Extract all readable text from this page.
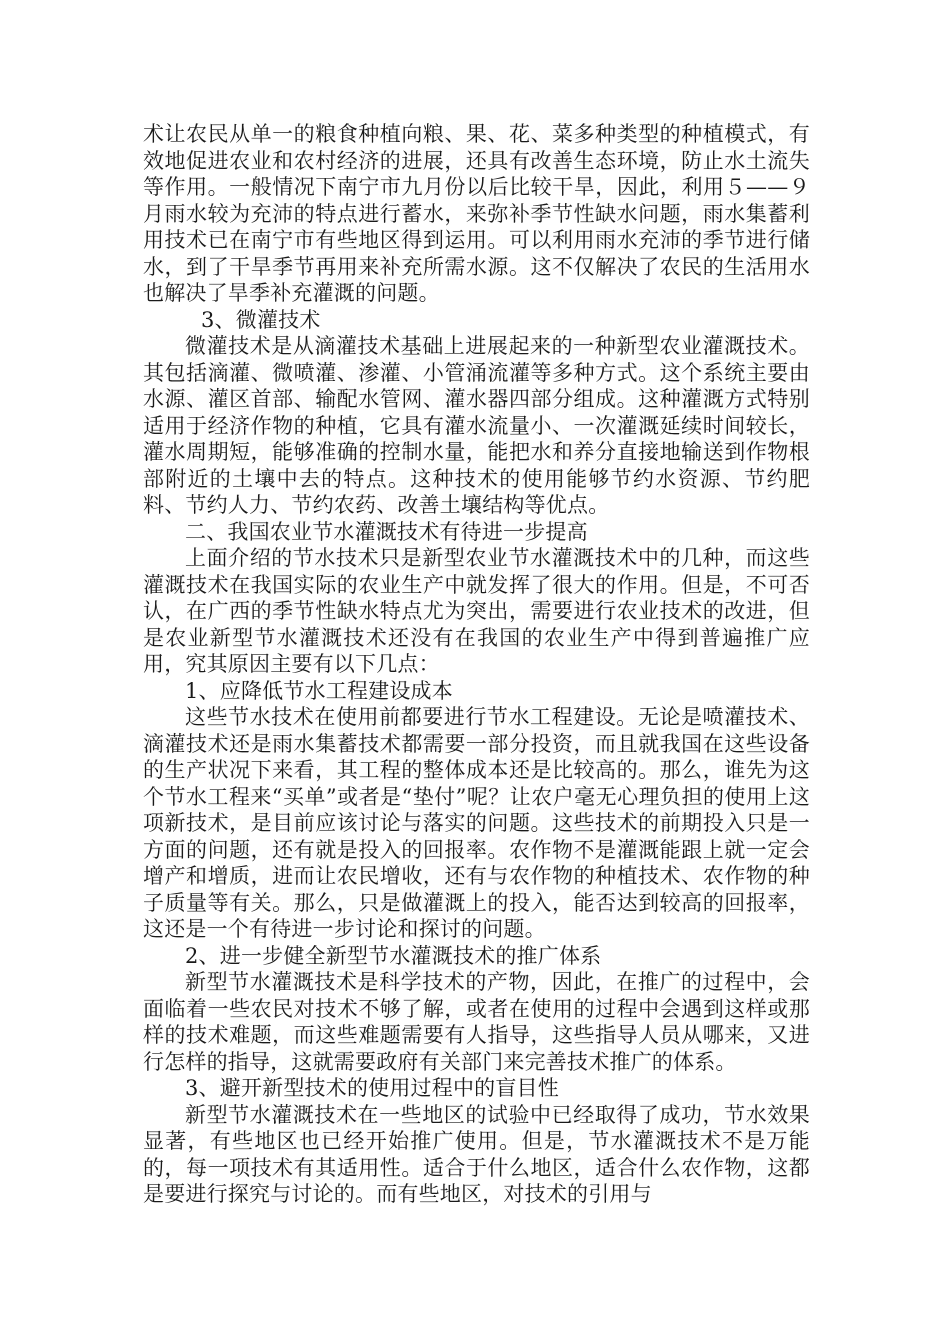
术让农民从单一的粮食种植向粮、果、花、菜多种类型的种植模式，有效地促进农业和农村经济的进展，还具有改善生态环境，防止水土流失等作用。一般情况下南宁市九月份以后比较干旱，因此，利用５——９月雨水较为充沛的特点进行蓄水，来弥补季节性缺水问题，雨水集蓄利用技术已在南宁市有些地区得到运用。可以利用雨水充沛的季节进行储水，到了干旱季节再用来补充所需水源。这不仅解决了农民的生活用水也解决了旱季补充灌溉的问题。

3、微灌技术

微灌技术是从滴灌技术基础上进展起来的一种新型农业灌溉技术。其包括滴灌、微喷灌、渗灌、小管涌流灌等多种方式。这个系统主要由水源、灌区首部、输配水管网、灌水器四部分组成。这种灌溉方式特别适用于经济作物的种植，它具有灌水流量小、一次灌溉延续时间较长，灌水周期短，能够准确的控制水量，能把水和养分直接地输送到作物根部附近的土壤中去的特点。这种技术的使用能够节约水资源、节约肥料、节约人力、节约农药、改善土壤结构等优点。

二、我国农业节水灌溉技术有待进一步提高

上面介绍的节水技术只是新型农业节水灌溉技术中的几种，而这些灌溉技术在我国实际的农业生产中就发挥了很大的作用。但是，不可否认，在广西的季节性缺水特点尤为突出，需要进行农业技术的改进，但是农业新型节水灌溉技术还没有在我国的农业生产中得到普遍推广应用，究其原因主要有以下几点：

1、应降低节水工程建设成本

这些节水技术在使用前都要进行节水工程建设。无论是喷灌技术、滴灌技术还是雨水集蓄技术都需要一部分投资，而且就我国在这些设备的生产状况下来看，其工程的整体成本还是比较高的。那么，谁先为这个节水工程来“买单”或者是“垫付”呢？让农户毫无心理负担的使用上这项新技术，是目前应该讨论与落实的问题。这些技术的前期投入只是一方面的问题，还有就是投入的回报率。农作物不是灌溉能跟上就一定会增产和增质，进而让农民增收，还有与农作物的种植技术、农作物的种子质量等有关。那么，只是做灌溉上的投入，能否达到较高的回报率，这还是一个有待进一步讨论和探讨的问题。

2、进一步健全新型节水灌溉技术的推广体系

新型节水灌溉技术是科学技术的产物，因此，在推广的过程中，会面临着一些农民对技术不够了解，或者在使用的过程中会遇到这样或那样的技术难题，而这些难题需要有人指导，这些指导人员从哪来，又进行怎样的指导，这就需要政府有关部门来完善技术推广的体系。

3、避开新型技术的使用过程中的盲目性

新型节水灌溉技术在一些地区的试验中已经取得了成功，节水效果显著，有些地区也已经开始推广使用。但是，节水灌溉技术不是万能的，每一项技术有其适用性。适合于什么地区，适合什么农作物，这都是要进行探究与讨论的。而有些地区，对技术的引用与
